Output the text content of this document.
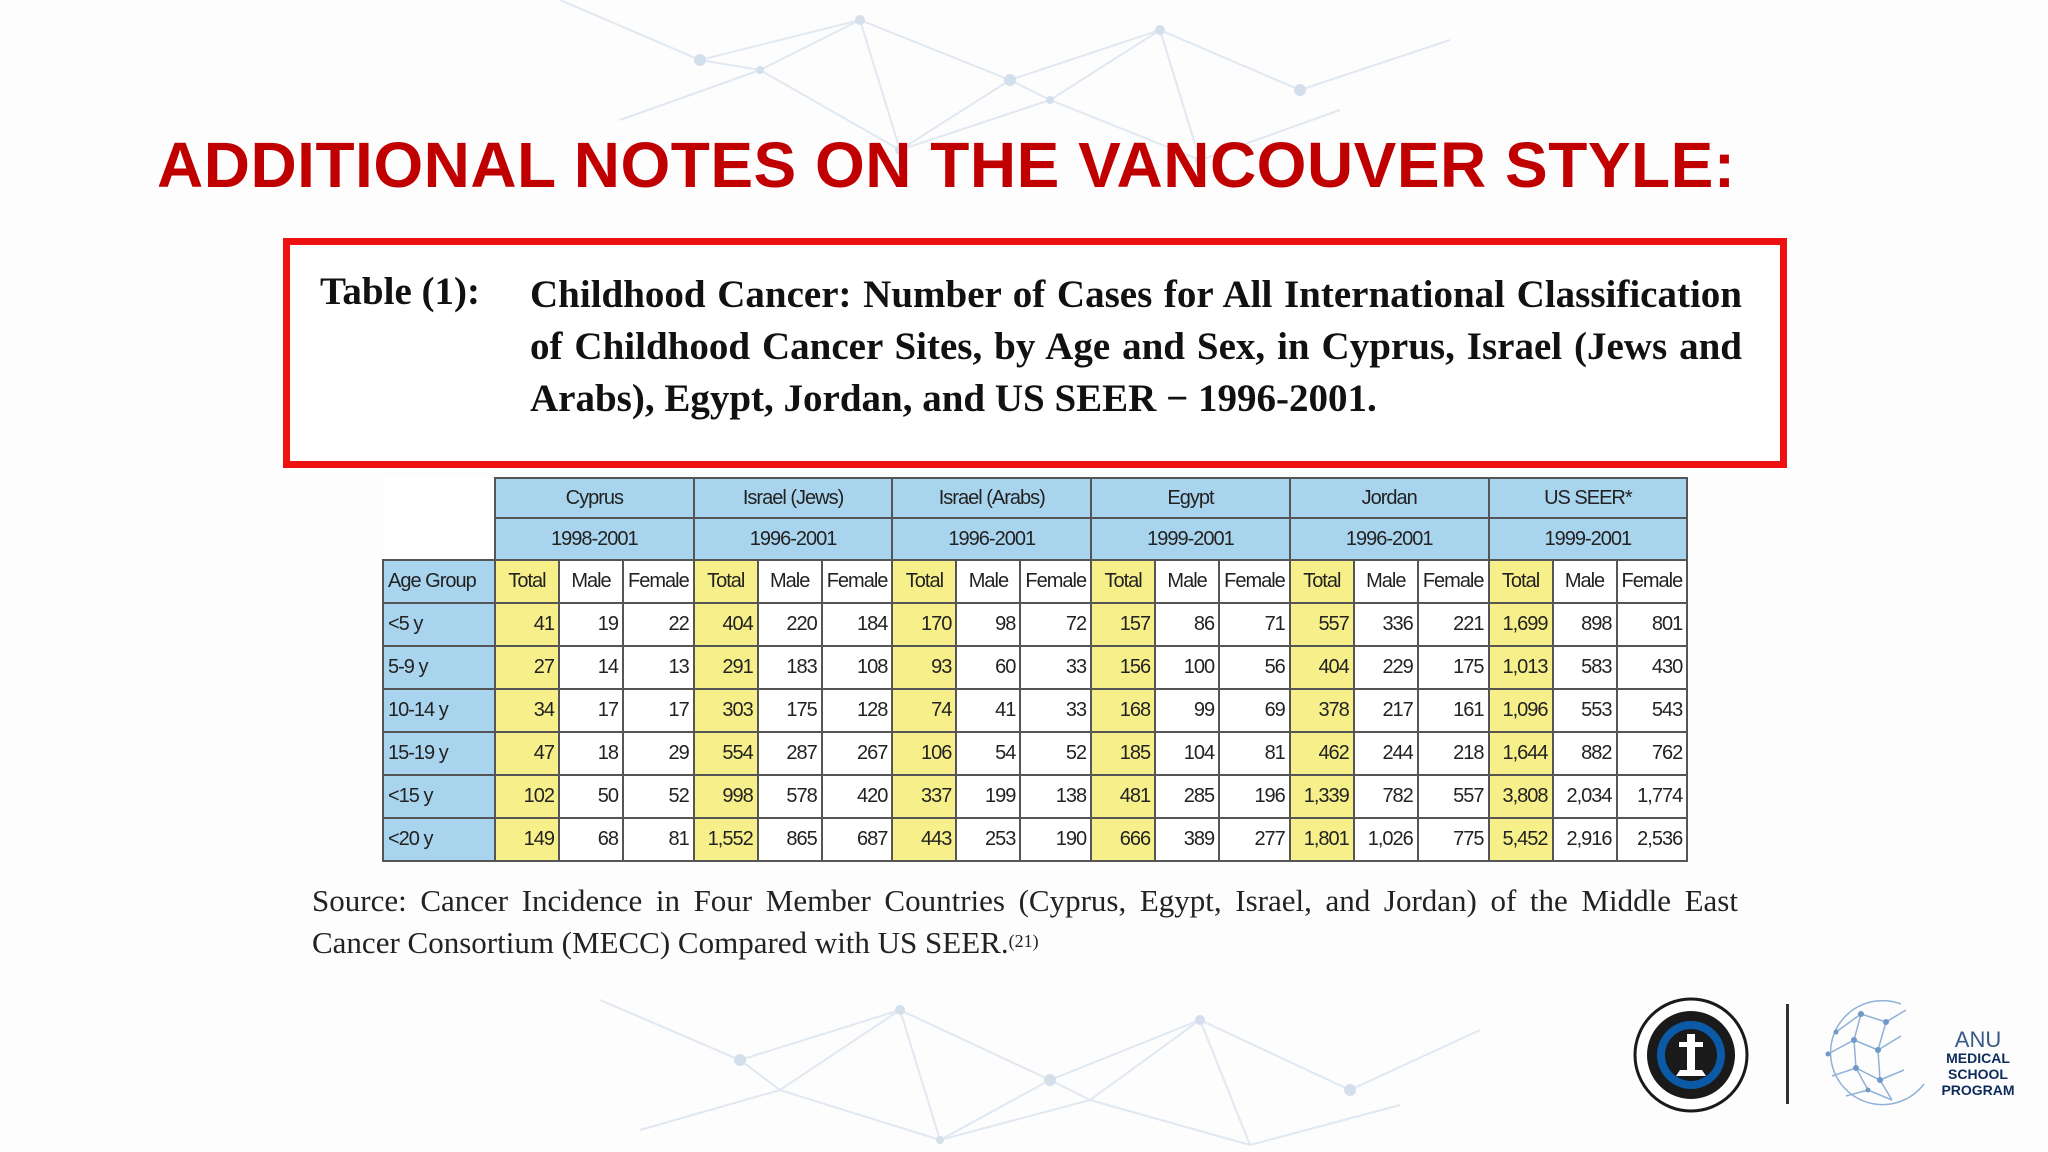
ADDITIONAL NOTES ON THE VANCOUVER STYLE:
Table (1): Childhood Cancer: Number of Cases for All International Classification of Childhood Cancer Sites, by Age and Sex, in Cyprus, Israel (Jews and Arabs), Egypt, Jordan, and US SEER − 1996-2001.
	Cyprus			Israel (Jews)			Israel (Arabs)			Egypt			Jordan			US SEER*		
	1998-2001			1996-2001			1996-2001			1999-2001			1996-2001			1999-2001		
Age Group	Total	Male	Female	Total	Male	Female	Total	Male	Female	Total	Male	Female	Total	Male	Female	Total	Male	Female
<5 y	41	19	22	404	220	184	170	98	72	157	86	71	557	336	221	1,699	898	801
5-9 y	27	14	13	291	183	108	93	60	33	156	100	56	404	229	175	1,013	583	430
10-14 y	34	17	17	303	175	128	74	41	33	168	99	69	378	217	161	1,096	553	543
15-19 y	47	18	29	554	287	267	106	54	52	185	104	81	462	244	218	1,644	882	762
<15 y	102	50	52	998	578	420	337	199	138	481	285	196	1,339	782	557	3,808	2,034	1,774
<20 y	149	68	81	1,552	865	687	443	253	190	666	389	277	1,801	1,026	775	5,452	2,916	2,536
Source: Cancer Incidence in Four Member Countries (Cyprus, Egypt, Israel, and Jordan) of the Middle East Cancer Consortium (MECC) Compared with US SEER.$^{(21)}$
ANU
MEDICAL
SCHOOL
PROGRAM
